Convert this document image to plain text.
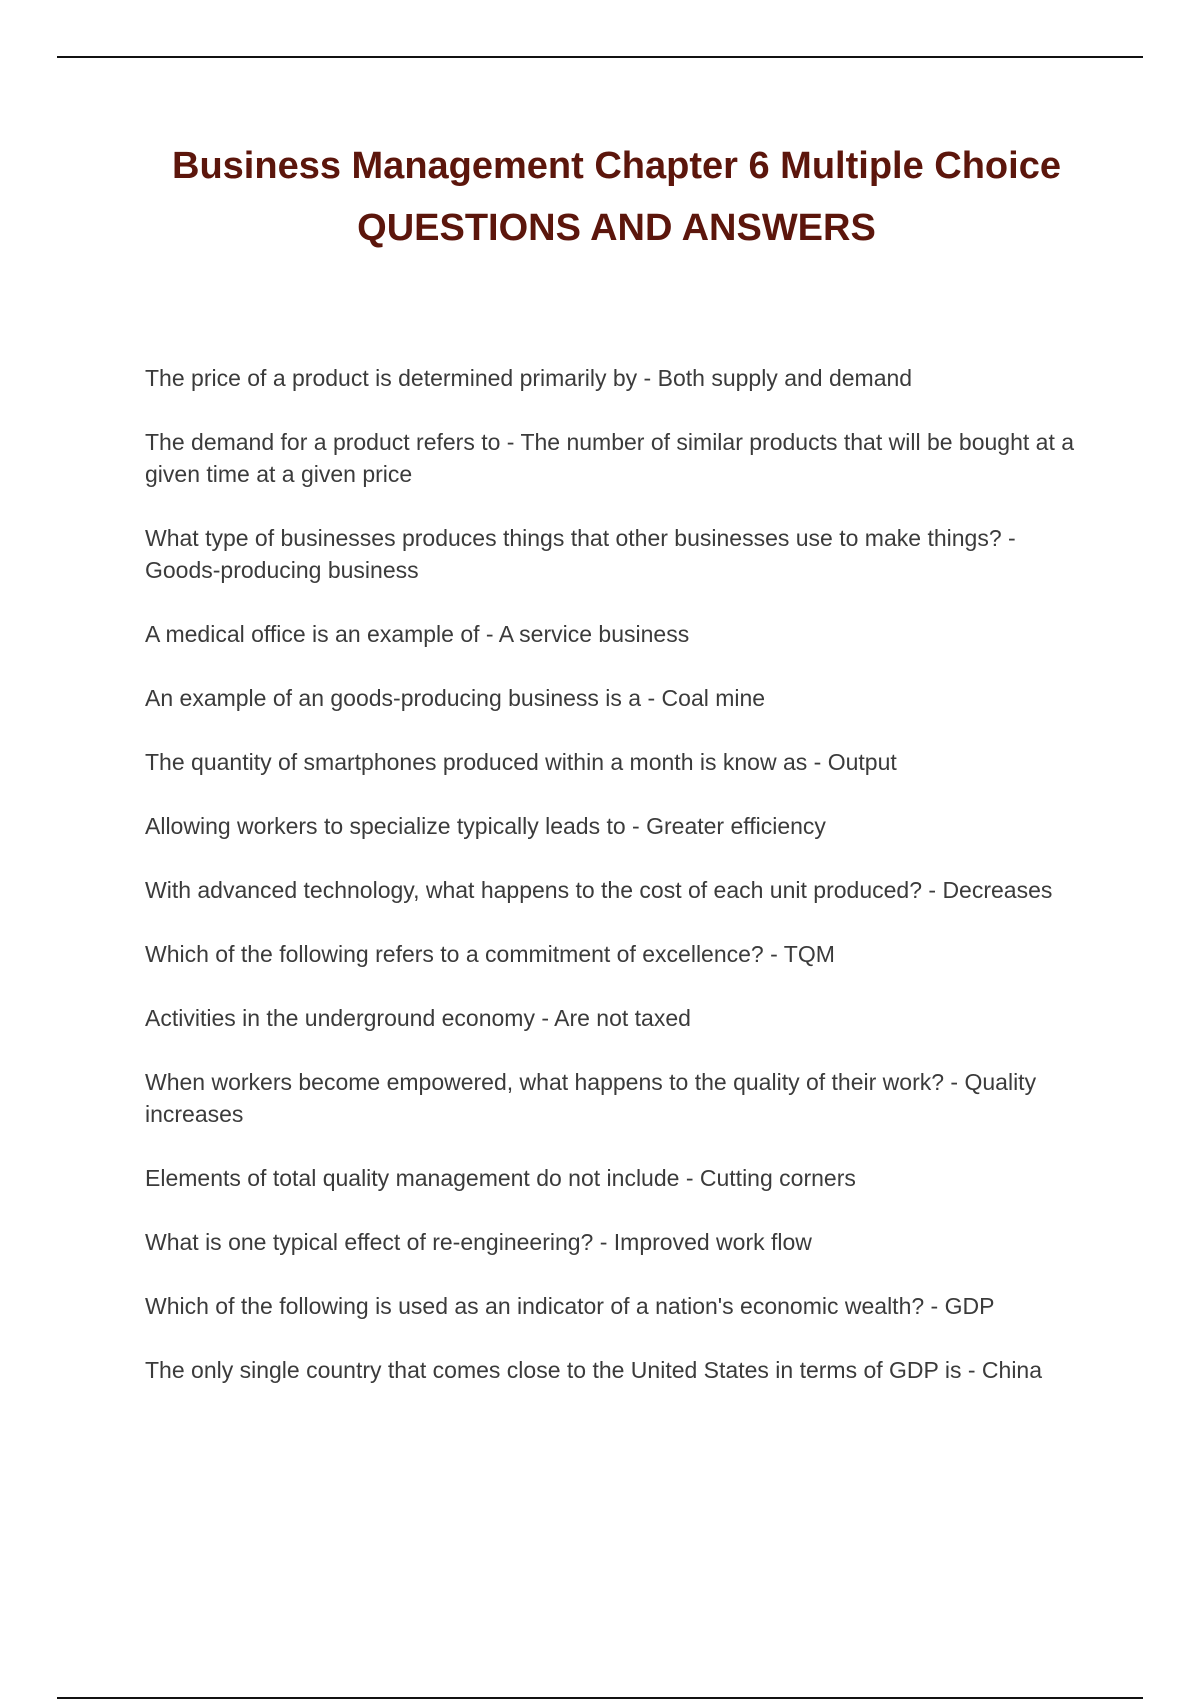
Business Management Chapter 6 Multiple Choice
QUESTIONS AND ANSWERS
The price of a product is determined primarily by - Both supply and demand
The demand for a product refers to - The number of similar products that will be bought at a given time at a given price
What type of businesses produces things that other businesses use to make things?- Goods-producing business
A medical office is an example of - A service business
An example of an goods-producing business is a - Coal mine
The quantity of smartphones produced within a month is know as - Output
Allowing workers to specialize typically leads to - Greater efficiency
With advanced technology, what happens to the cost of each unit produced? - Decreases
Which of the following refers to a commitment of excellence? - TQM
Activities in the underground economy - Are not taxed
When workers become empowered, what happens to the quality of their work? - Quality increases
Elements of total quality management do not include - Cutting corners
What is one typical effect of re-engineering? - Improved work flow
Which of the following is used as an indicator of a nation's economic wealth? - GDP
The only single country that comes close to the United States in terms of GDP is - China
